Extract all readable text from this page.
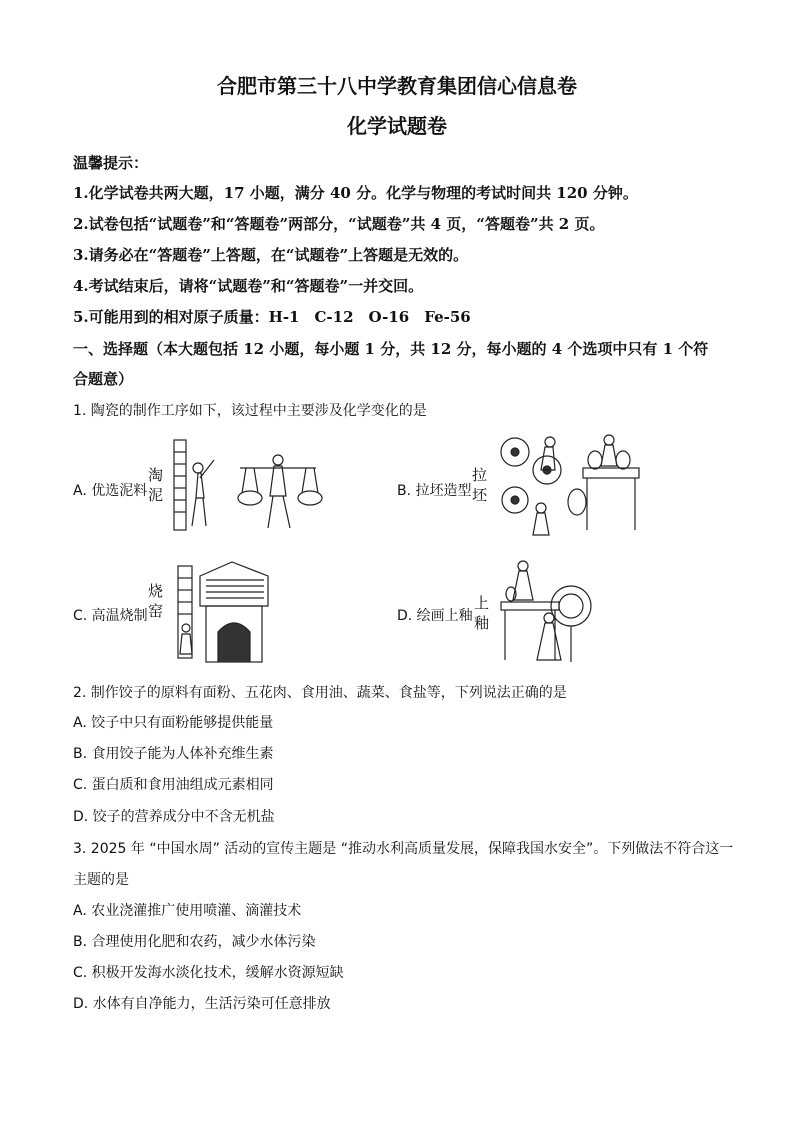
合肥市第三十八中学教育集团信心信息卷
化学试题卷
温馨提示：
1.化学试卷共两大题，17 小题，满分 40 分。化学与物理的考试时间共 120 分钟。
2.试卷包括“试题卷”和“答题卷”两部分，“试题卷”共 4 页，“答题卷”共 2 页。
3.请务必在“答题卷”上答题，在“试题卷”上答题是无效的。
4.考试结束后，请将“试题卷”和“答题卷”一并交回。
5.可能用到的相对原子质量：H-1　C-12　O-16　Fe-56
一、选择题（本大题包括 12 小题，每小题 1 分，共 12 分，每小题的 4 个选项中只有 1 个符
合题意）
1. 陶瓷的制作工序如下，该过程中主要涉及化学变化的是
A. 优选泥料
淘
泥	B. 拉坯造型
拉
坯
C. 高温烧制
烧
窑	D. 绘画上釉
上
釉
2. 制作饺子的原料有面粉、五花肉、食用油、蔬菜、食盐等，下列说法正确的是
A. 饺子中只有面粉能够提供能量
B. 食用饺子能为人体补充维生素
C. 蛋白质和食用油组成元素相同
D. 饺子的营养成分中不含无机盐
3. 2025 年 “中国水周” 活动的宣传主题是 “推动水利高质量发展，保障我国水安全”。下列做法不符合这一
主题的是
A. 农业浇灌推广使用喷灌、滴灌技术
B. 合理使用化肥和农药，减少水体污染
C. 积极开发海水淡化技术，缓解水资源短缺
D. 水体有自净能力，生活污染可任意排放
